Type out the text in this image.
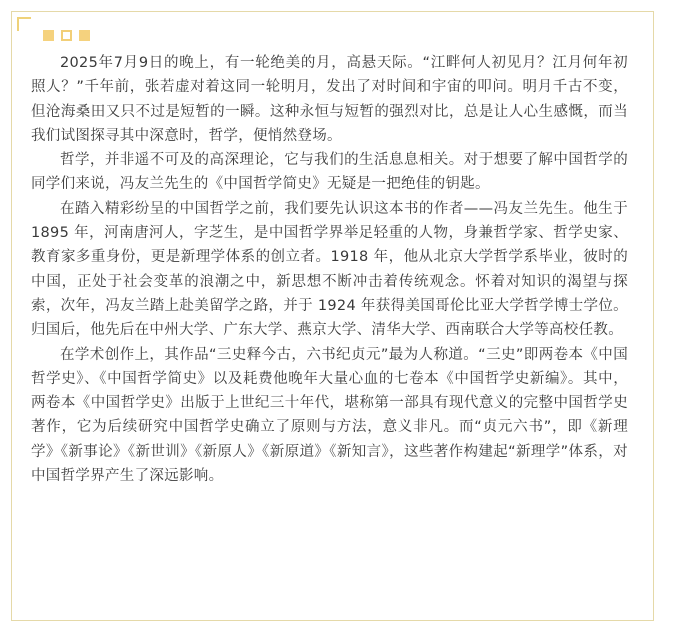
2025年7月9日的晚上，有一轮绝美的月，高悬天际。“江畔何人初见月？江月何年初照人？”千年前，张若虚对着这同一轮明月，发出了对时间和宇宙的叩问。明月千古不变，但沧海桑田又只不过是短暂的一瞬。这种永恒与短暂的强烈对比，总是让人心生感慨，而当我们试图探寻其中深意时，哲学，便悄然登场。

哲学，并非遥不可及的高深理论，它与我们的生活息息相关。对于想要了解中国哲学的同学们来说，冯友兰先生的《中国哲学简史》无疑是一把绝佳的钥匙。

在踏入精彩纷呈的中国哲学之前，我们要先认识这本书的作者——冯友兰先生。他生于 1895 年，河南唐河人，字芝生，是中国哲学界举足轻重的人物，身兼哲学家、哲学史家、教育家多重身份，更是新理学体系的创立者。1918 年，他从北京大学哲学系毕业，彼时的中国，正处于社会变革的浪潮之中，新思想不断冲击着传统观念。怀着对知识的渴望与探索，次年，冯友兰踏上赴美留学之路，并于 1924 年获得美国哥伦比亚大学哲学博士学位。归国后，他先后在中州大学、广东大学、燕京大学、清华大学、西南联合大学等高校任教。

在学术创作上，其作品“三史释今古，六书纪贞元”最为人称道。“三史”即两卷本《中国哲学史》、《中国哲学简史》以及耗费他晚年大量心血的七卷本《中国哲学史新编》。其中，两卷本《中国哲学史》出版于上世纪三十年代，堪称第一部具有现代意义的完整中国哲学史著作，它为后续研究中国哲学史确立了原则与方法，意义非凡。而“贞元六书”，即《新理学》《新事论》《新世训》《新原人》《新原道》《新知言》，这些著作构建起“新理学”体系，对中国哲学界产生了深远影响。
